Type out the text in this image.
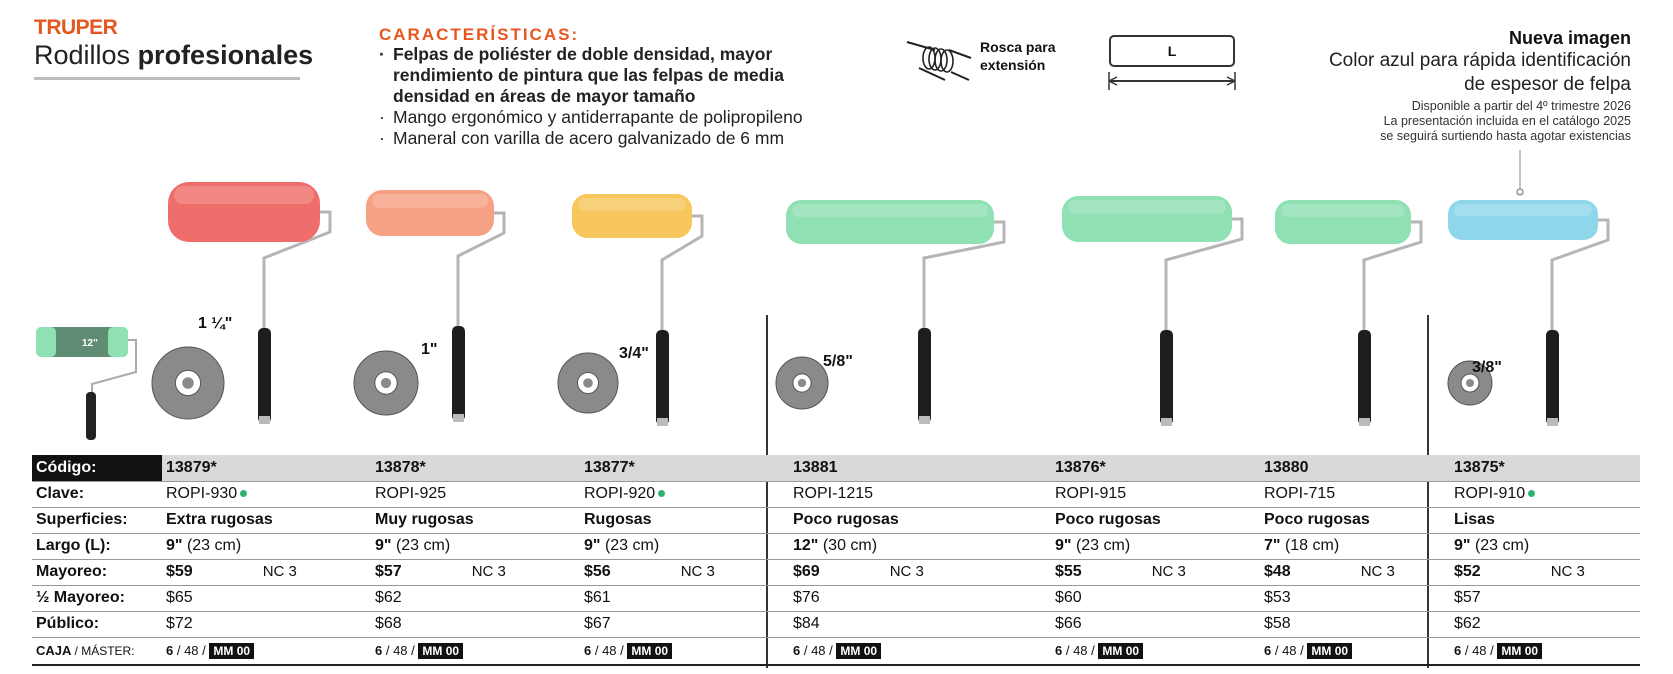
TRUPER
Rodillos profesionales
CARACTERÍSTICAS:
· Felpas de poliéster de doble densidad, mayor rendimiento de pintura que las felpas de media densidad en áreas de mayor tamaño
· Mango ergonómico y antiderrapante de polipropileno
· Maneral con varilla de acero galvanizado de 6 mm
Rosca para
extensión
L
Nueva imagen
Color azul para rápida identificación
de espesor de felpa
Disponible a partir del 4º trimestre 2026
La presentación incluida en el catálogo 2025
se seguirá surtiendo hasta agotar existencias
12"
1 ¼"
1"	3/4"	5/8"	3/8"
Código:	13879*	13878*	13877*	13881	13876*	13880	13875*
Clave:	ROPI-930	ROPI-925	ROPI-920	ROPI-1215	ROPI-915	ROPI-715	ROPI-910
Superficies:	Extra rugosas	Muy rugosas	Rugosas	Poco rugosas	Poco rugosas	Poco rugosas	Lisas
Largo (L):	9" (23 cm)	9" (23 cm)	9" (23 cm)	12" (30 cm)	9" (23 cm)	7" (18 cm)	9" (23 cm)
Mayoreo:	$59 NC 3	$57 NC 3	$56 NC 3	$69 NC 3	$55 NC 3	$48 NC 3	$52 NC 3
½ Mayoreo:	$65	$62	$61	$76	$60	$53	$57
Público:	$72	$68	$67	$84	$66	$58	$62
CAJA / MÁSTER:	6 / 48 / MM 00	6 / 48 / MM 00	6 / 48 / MM 00	6 / 48 / MM 00	6 / 48 / MM 00	6 / 48 / MM 00	6 / 48 / MM 00
